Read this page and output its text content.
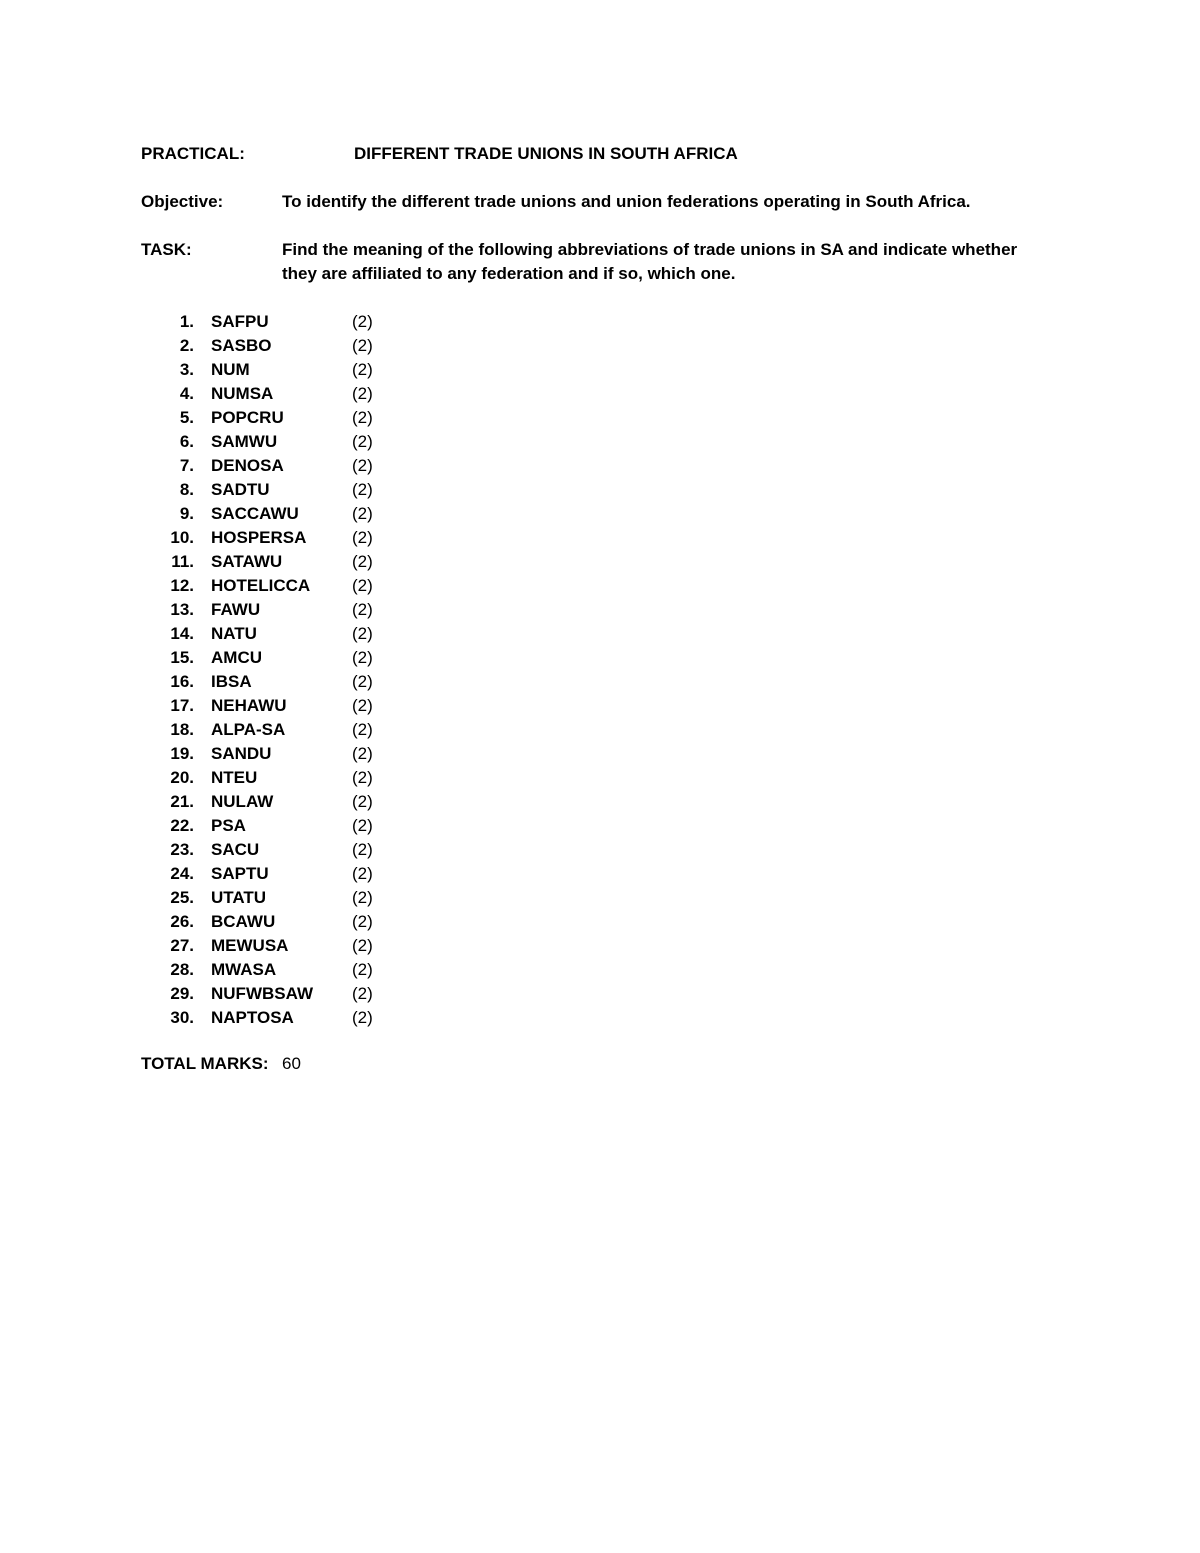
PRACTICAL:	DIFFERENT TRADE UNIONS IN SOUTH AFRICA
Objective:	To identify the different trade unions and union federations operating in South Africa.
TASK:	Find the meaning of the following abbreviations of trade unions in SA and indicate whether
they are affiliated to any federation and if so, which one.
1. SAFPU	(2)
2. SASBO	(2)
3. NUM	(2)
4. NUMSA	(2)
5. POPCRU	(2)
6. SAMWU	(2)
7. DENOSA	(2)
8. SADTU	(2)
9. SACCAWU	(2)
10. HOSPERSA	(2)
11. SATAWU	(2)
12. HOTELICCA (2)
13. FAWU	(2)
14. NATU	(2)
15. AMCU	(2)
16. IBSA	(2)
17. NEHAWU	(2)
18. ALPA-SA	(2)
19. SANDU	(2)
20. NTEU	(2)
21. NULAW	(2)
22. PSA	(2)
23. SACU	(2)
24. SAPTU	(2)
25. UTATU	(2)
26. BCAWU	(2)
27. MEWUSA	(2)
28. MWASA	(2)
29. NUFWBSAW (2)
30. NAPTOSA	(2)
TOTAL MARKS: 60
